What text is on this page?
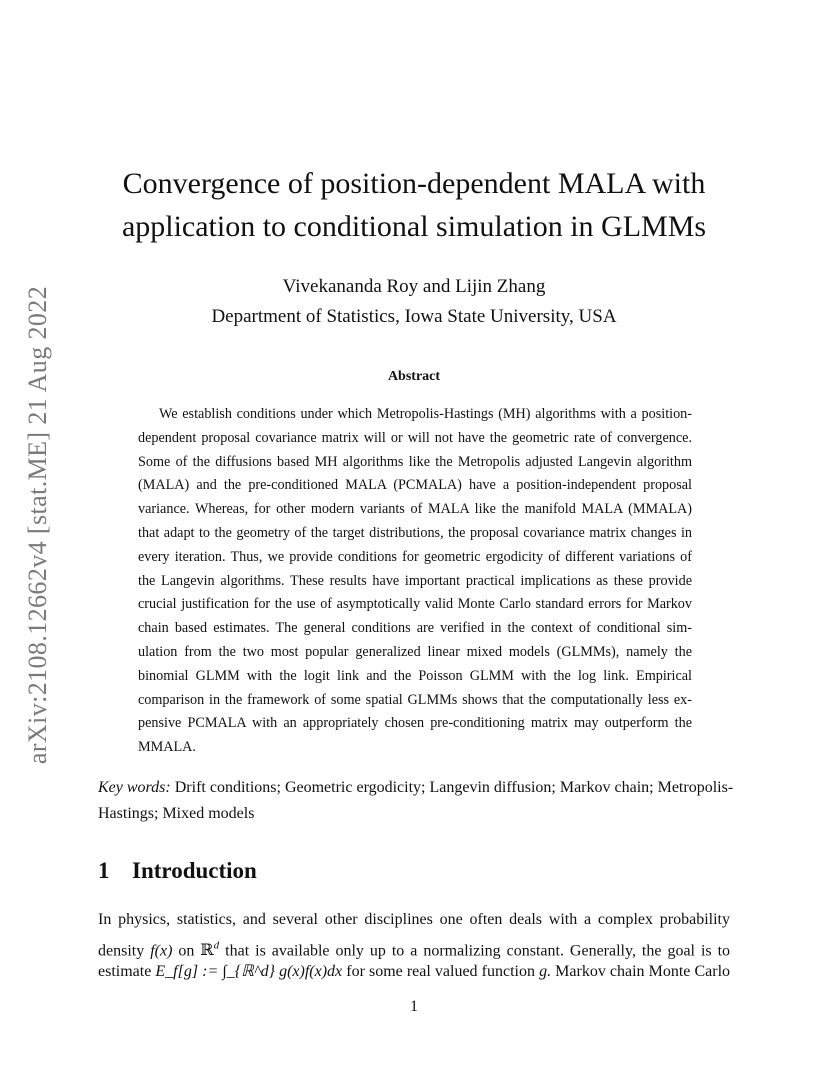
arXiv:2108.12662v4 [stat.ME] 21 Aug 2022
Convergence of position-dependent MALA with
application to conditional simulation in GLMMs
Vivekananda Roy and Lijin Zhang
Department of Statistics, Iowa State University, USA
Abstract
We establish conditions under which Metropolis-Hastings (MH) algorithms with a position-
dependent proposal covariance matrix will or will not have the geometric rate of convergence.
Some of the diffusions based MH algorithms like the Metropolis adjusted Langevin algorithm
(MALA) and the pre-conditioned MALA (PCMALA) have a position-independent proposal
variance. Whereas, for other modern variants of MALA like the manifold MALA (MMALA)
that adapt to the geometry of the target distributions, the proposal covariance matrix changes in
every iteration. Thus, we provide conditions for geometric ergodicity of different variations of
the Langevin algorithms. These results have important practical implications as these provide
crucial justification for the use of asymptotically valid Monte Carlo standard errors for Markov
chain based estimates. The general conditions are verified in the context of conditional sim-
ulation from the two most popular generalized linear mixed models (GLMMs), namely the
binomial GLMM with the logit link and the Poisson GLMM with the log link. Empirical
comparison in the framework of some spatial GLMMs shows that the computationally less ex-
pensive PCMALA with an appropriately chosen pre-conditioning matrix may outperform the
MMALA.
Key words: Drift conditions; Geometric ergodicity; Langevin diffusion; Markov chain; Metropolis-
Hastings; Mixed models
1 Introduction
In physics, statistics, and several other disciplines one often deals with a complex probability
density f(x) on ℝ$^d$ that is available only up to a normalizing constant. Generally, the goal is to
estimate E_f[g] := ∫_{ℝ^d} g(x)f(x)dx for some real valued function g. Markov chain Monte Carlo
1
